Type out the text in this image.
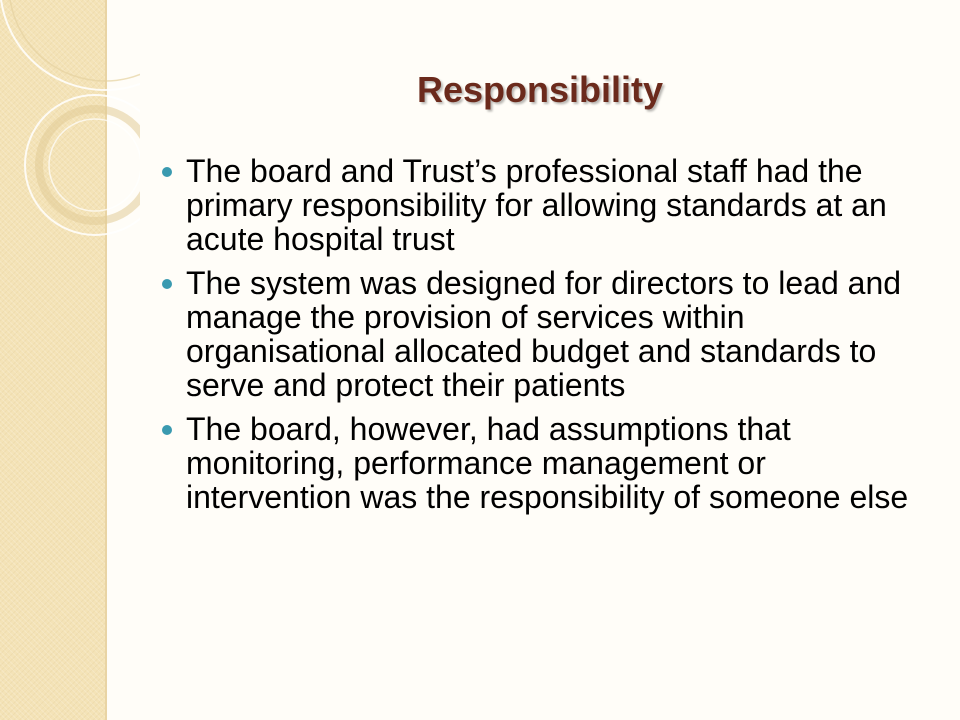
Responsibility
The board and Trust’s professional staff had the primary responsibility for allowing standards at an acute hospital trust
The system was designed for directors to lead and manage the provision of services within organisational allocated budget and standards to serve and protect their patients
The board, however, had assumptions that monitoring, performance management or intervention was the responsibility of someone else
